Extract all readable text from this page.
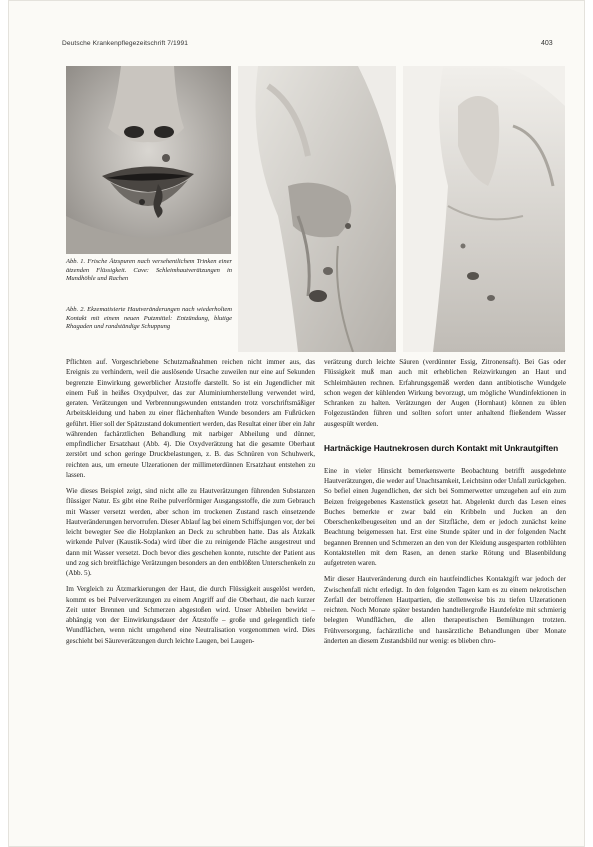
Deutsche Krankenpflegezeitschrift 7/1991	403
Abb. 1. Frische Ätzspuren nach versehentlichem Trinken einer ätzenden Flüssigkeit. Cave: Schleimhautverätzungen in Mundhöhle und Rachen
Abb. 2. Ekzematisierte Hautveränderungen nach wiederholtem Kontakt mit einem neuen Putzmittel: Entzündung, blutige Rhagaden und randständige Schuppung

Pflichten auf. Vorgeschriebene Schutzmaßnahmen reichen nicht immer aus, das Ereignis zu verhindern, weil die auslösende Ursache zuweilen nur eine auf Sekunden begrenzte Einwirkung gewerblicher Ätzstoffe darstellt. So ist ein Jugendlicher mit einem Fuß in heißes Oxydpulver, das zur Aluminiumherstellung verwendet wird, geraten. Verätzungen und Verbrennungswunden entstanden trotz vorschriftsmäßiger Arbeitskleidung und haben zu einer flächenhaften Wunde besonders am Fußrücken geführt. Hier soll der Spätzustand dokumentiert werden, das Resultat einer über ein Jahr währenden fachärztlichen Behandlung mit narbiger Abheilung und dünner, empfindlicher Ersatzhaut (Abb. 4). Die Oxydverätzung hat die gesamte Oberhaut zerstört und schon geringe Druckbelastungen, z. B. das Schnüren von Schuhwerk, reichten aus, um erneute Ulzerationen der millimeterdünnen Ersatzhaut entstehen zu lassen.

Wie dieses Beispiel zeigt, sind nicht alle zu Hautverätzungen führenden Substanzen flüssiger Natur. Es gibt eine Reihe pulverförmiger Ausgangsstoffe, die zum Gebrauch mit Wasser versetzt werden, aber schon im trockenen Zustand rasch einsetzende Hautveränderungen hervorrufen. Dieser Ablauf lag bei einem Schiffsjungen vor, der bei leicht bewegter See die Holzplanken an Deck zu schrubben hatte. Das als Ätzkalk wirkende Pulver (Kaustik-Soda) wird über die zu reinigende Fläche ausgestreut und dann mit Wasser versetzt. Doch bevor dies geschehen konnte, rutschte der Patient aus und zog sich breitflächige Verätzungen besonders an den entblößten Unterschenkeln zu (Abb. 5).

Im Vergleich zu Ätzmarkierungen der Haut, die durch Flüssigkeit ausgelöst werden, kommt es bei Pulververätzungen zu einem Angriff auf die Oberhaut, die nach kurzer Zeit unter Brennen und Schmerzen abgestoßen wird. Unser Abheilen bewirkt – abhängig von der Einwirkungsdauer der Ätzstoffe – große und gelegentlich tiefe Wundflächen, wenn nicht umgehend eine Neutralisation vorgenommen wird. Dies geschieht bei Säureverätzungen durch leichte Laugen, bei Laugen-

verätzung durch leichte Säuren (verdünnter Essig, Zitronensaft). Bei Gas oder Flüssigkeit muß man auch mit erheblichen Reizwirkungen an Haut und Schleimhäuten rechnen. Erfahrungsgemäß werden dann antibiotische Wundgele schon wegen der kühlenden Wirkung bevorzugt, um mögliche Wundinfektionen in Schranken zu halten. Verätzungen der Augen (Hornhaut) können zu üblen Folgezuständen führen und sollten sofort unter anhaltend fließendem Wasser ausgespült werden.

Hartnäckige Hautnekrosen durch Kontakt mit Unkrautgiften

Eine in vieler Hinsicht bemerkenswerte Beobachtung betrifft ausgedehnte Hautverätzungen, die weder auf Unachtsamkeit, Leichtsinn oder Unfall zurückgehen. So befiel einen Jugendlichen, der sich bei Sommerwetter umzugehen auf ein zum Beizen freigegebenes Kastenstück gesetzt hat. Abgelenkt durch das Lesen eines Buches bemerkte er zwar bald ein Kribbeln und Jucken an den Oberschenkelbeugeseiten und an der Sitzfläche, dem er jedoch zunächst keine Beachtung beigemessen hat. Erst eine Stunde später und in der folgenden Nacht begannen Brennen und Schmerzen an den von der Kleidung ausgesparten rotblühten Kontaktstellen mit dem Rasen, an denen starke Rötung und Blasenbildung aufgetreten waren.

Mir dieser Hautveränderung durch ein hautfeindliches Kontaktgift war jedoch der Zwischenfall nicht erledigt. In den folgenden Tagen kam es zu einem nekrotischen Zerfall der betroffenen Hautpartien, die stellenweise bis zu tiefen Ulzerationen reichten. Noch Monate später bestanden handtellergroße Hautdefekte mit schmierig belegten Wundflächen, die allen therapeutischen Bemühungen trotzten. Frühversorgung, fachärztliche und hausärztliche Behandlungen über Monate änderten an diesem Zustandsbild nur wenig: es blieben chro-
